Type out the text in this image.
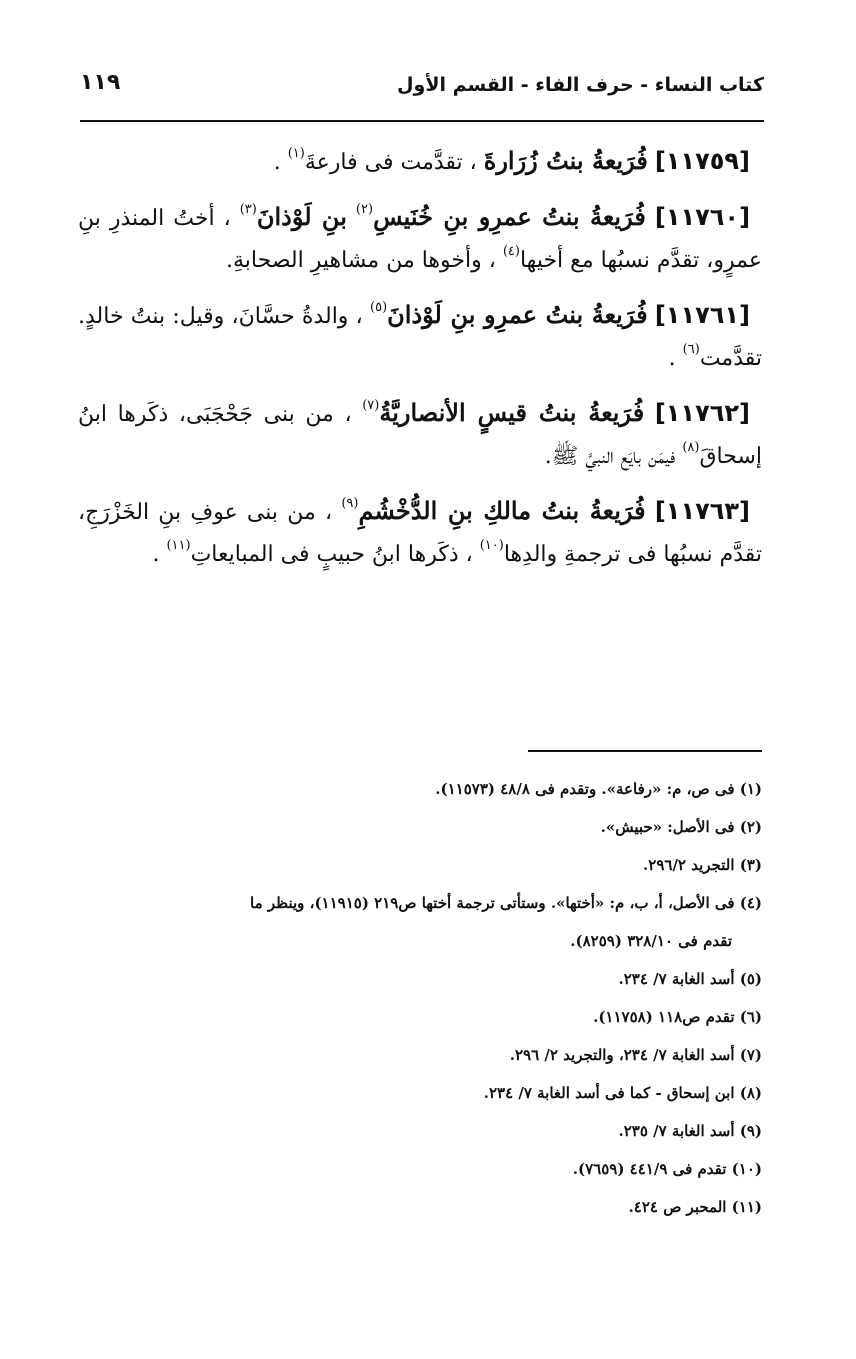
كتاب النساء - حرف الفاء - القسم الأول
١١٩

[١١٧٥٩] فُرَيعةُ بنتُ زُرَارةَ ، تقدَّمت فى فارعةَ$^{(١)}$ .

[١١٧٦٠] فُرَيعةُ بنتُ عمرِو بنِ خُنَيسِ$^{(٢)}$ بنِ لَوْذانَ$^{(٣)}$ ، أختُ المنذرِ بنِ عمرٍو، تقدَّم نسبُها مع أخيها$^{(٤)}$ ، وأخوها من مشاهيرِ الصحابةِ.

[١١٧٦١] فُرَيعةُ بنتُ عمرِو بنِ لَوْذانَ$^{(٥)}$ ، والدةُ حسَّانَ، وقيل: بنتُ خالدٍ. تقدَّمت$^{(٦)}$ .

[١١٧٦٢] فُرَيعةُ بنتُ قيسٍ الأنصاريَّةُ$^{(٧)}$ ، من بنى جَحْجَبَى، ذكَرها ابنُ إسحاقَ$^{(٨)}$ فيمَن بايَع النبيَّ ﷺ.

[١١٧٦٣] فُرَيعةُ بنتُ مالكِ بنِ الدُّخْشُمِ$^{(٩)}$ ، من بنى عوفِ بنِ الخَزْرَجِ، تقدَّم نسبُها فى ترجمةِ والدِها$^{(١٠)}$ ، ذكَرها ابنُ حبيبٍ فى المبايعاتِ$^{(١١)}$ .

(١) فى ص، م: «رفاعة». وتقدم فى ٤٨/٨ (١١٥٧٣).
(٢) فى الأصل: «حبيش».
(٣) التجريد ٢٩٦/٢.
(٤) فى الأصل، أ، ب، م: «أختها». وستأتى ترجمة أختها ص٢١٩ (١١٩١٥)، وينظر ما
تقدم فى ٣٢٨/١٠ (٨٢٥٩).
(٥) أسد الغابة ٧/ ٢٣٤.
(٦) تقدم ص١١٨ (١١٧٥٨).
(٧) أسد الغابة ٧/ ٢٣٤، والتجريد ٢/ ٢٩٦.
(٨) ابن إسحاق - كما فى أسد الغابة ٧/ ٢٣٤.
(٩) أسد الغابة ٧/ ٢٣٥.
(١٠) تقدم فى ٤٤١/٩ (٧٦٥٩).
(١١) المحبر ص ٤٢٤.
